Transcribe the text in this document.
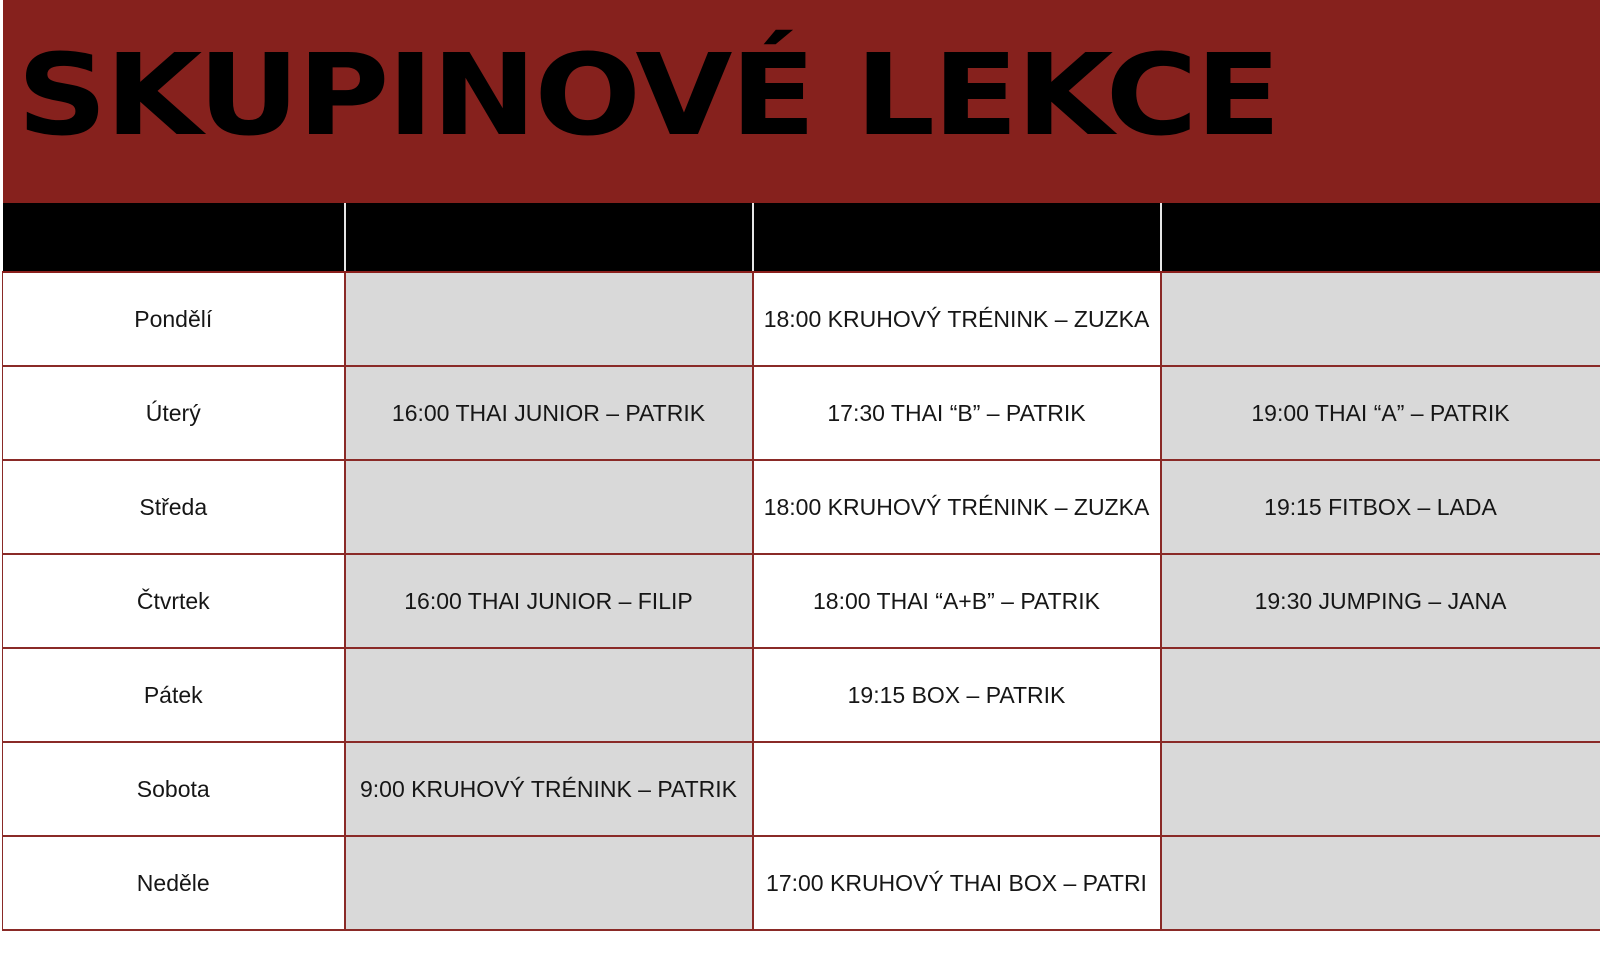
SKUPINOVÉ LEKCE

Pondělí		18:00 KRUHOVÝ TRÉNINK – ZUZKA	
Úterý	16:00 THAI JUNIOR – PATRIK	17:30 THAI “B” – PATRIK	19:00 THAI “A” – PATRIK
Středa		18:00 KRUHOVÝ TRÉNINK – ZUZKA	19:15 FITBOX – LADA
Čtvrtek	16:00 THAI JUNIOR – FILIP	18:00 THAI “A+B” – PATRIK	19:30 JUMPING – JANA
Pátek		19:15 BOX – PATRIK	
Sobota	9:00 KRUHOVÝ TRÉNINK – PATRIK		
Neděle		17:00 KRUHOVÝ THAI BOX – PATRI	
